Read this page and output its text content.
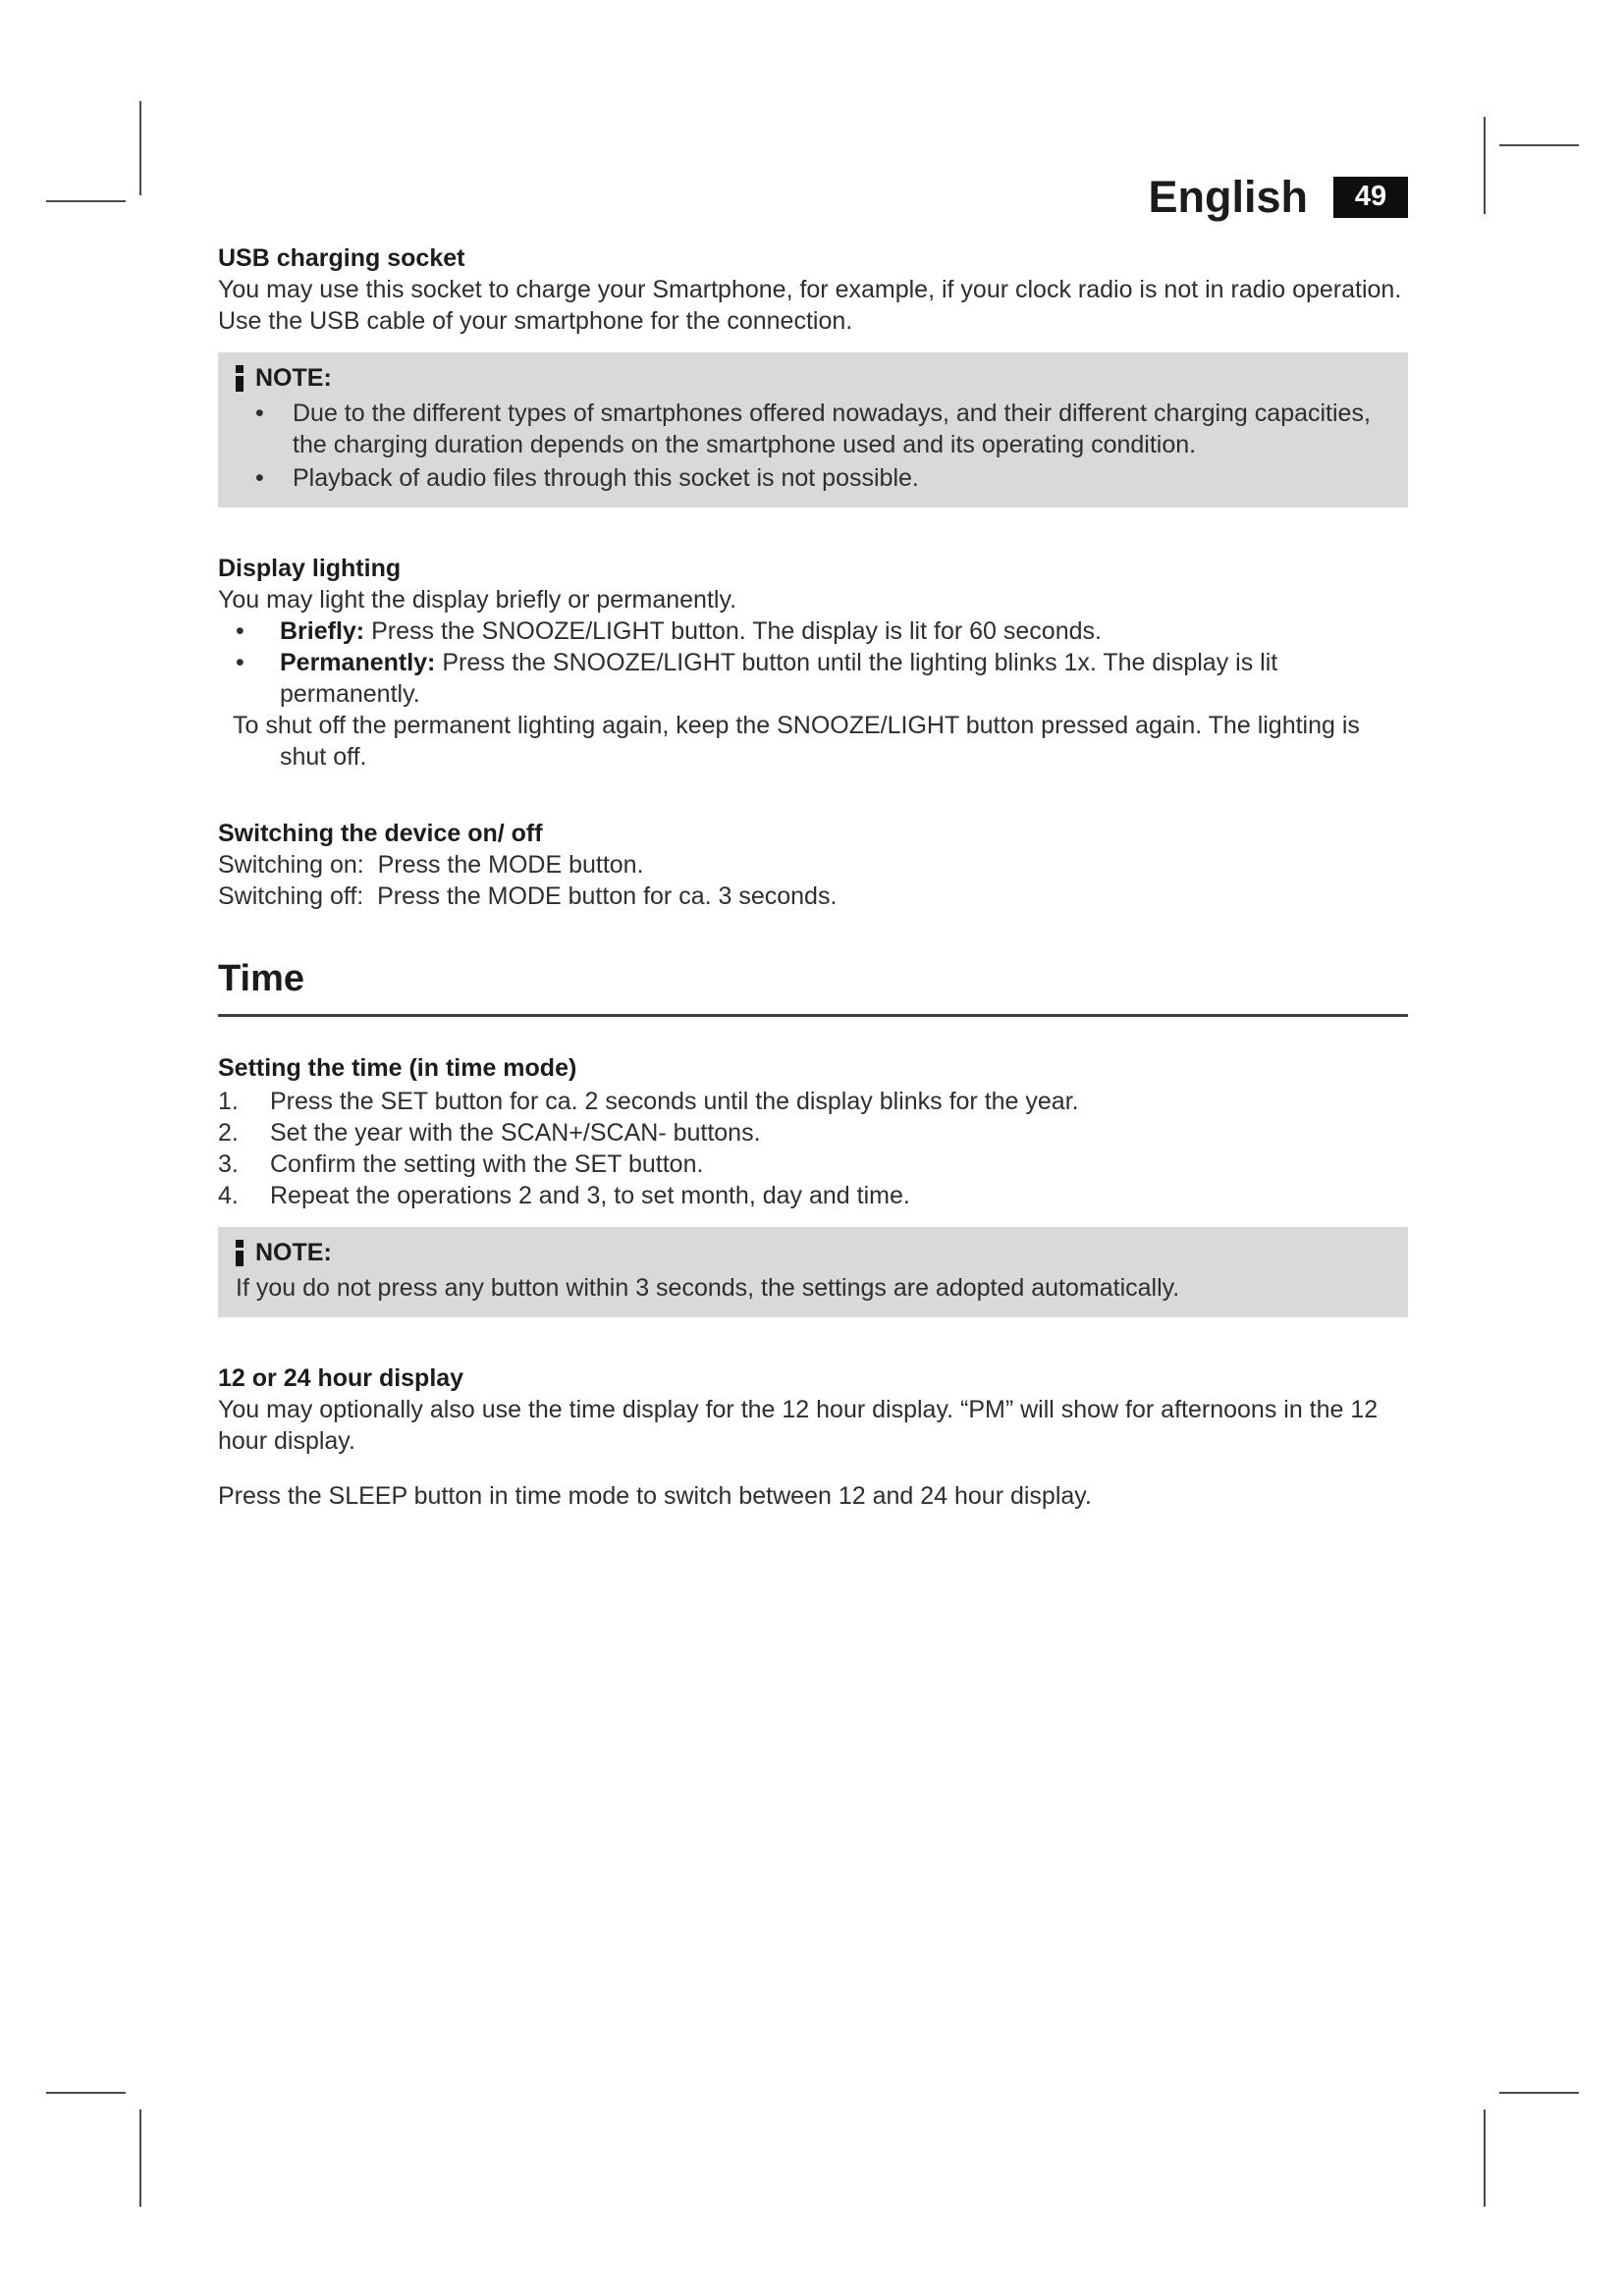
English	49
USB charging socket

You may use this socket to charge your Smartphone, for example, if your clock radio is not in radio operation. Use the USB cable of your smartphone for the connection.

NOTE:
• Due to the different types of smartphones offered nowadays, and their different charging capacities, the charging duration depends on the smartphone used and its operating condition.
• Playback of audio files through this socket is not possible.
Display lighting

You may light the display briefly or permanently.

• Briefly: Press the SNOOZE/LIGHT button. The display is lit for 60 seconds.
• Permanently: Press the SNOOZE/LIGHT button until the lighting blinks 1x. The display is lit permanently.

To shut off the permanent lighting again, keep the SNOOZE/LIGHT button pressed again. The lighting is shut off.

Switching the device on/ off

Switching on:  Press the MODE button.

Switching off:  Press the MODE button for ca. 3 seconds.

Time
Setting the time (in time mode)
1.	Press the SET button for ca. 2 seconds until the display blinks for the year.
2.	Set the year with the SCAN+/SCAN- buttons.
3.	Confirm the setting with the SET button.
4.	Repeat the operations 2 and 3, to set month, day and time.
NOTE:

If you do not press any button within 3 seconds, the settings are adopted automatically.

12 or 24 hour display

You may optionally also use the time display for the 12 hour display. “PM” will show for afternoons in the 12 hour display.

Press the SLEEP button in time mode to switch between 12 and 24 hour display.
